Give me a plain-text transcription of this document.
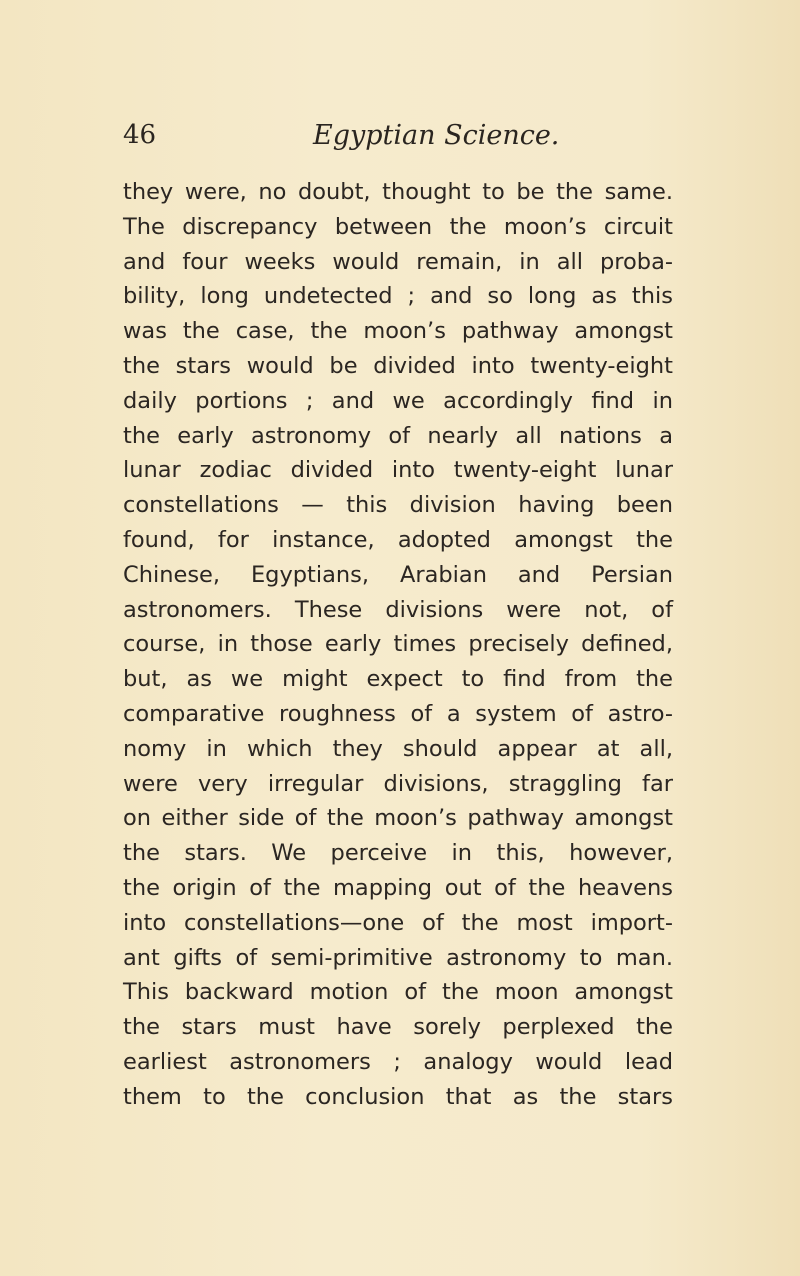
46	Egyptian Science.
they were, no doubt, thought to be the same.
The discrepancy between the moon’s circuit
and four weeks would remain, in all proba-
bility, long undetected ; and so long as this
was the case, the moon’s pathway amongst
the stars would be divided into twenty-eight
daily portions ; and we accordingly find in
the early astronomy of nearly all nations a
lunar zodiac divided into twenty-eight lunar
constellations — this division having been
found, for instance, adopted amongst the
Chinese, Egyptians, Arabian and Persian
astronomers. These divisions were not, of
course, in those early times precisely defined,
but, as we might expect to find from the
comparative roughness of a system of astro-
nomy in which they should appear at all,
were very irregular divisions, straggling far
on either side of the moon’s pathway amongst
the stars. We perceive in this, however,
the origin of the mapping out of the heavens
into constellations—one of the most import-
ant gifts of semi-primitive astronomy to man.
This backward motion of the moon amongst
the stars must have sorely perplexed the
earliest astronomers ; analogy would lead
them to the conclusion that as the stars
